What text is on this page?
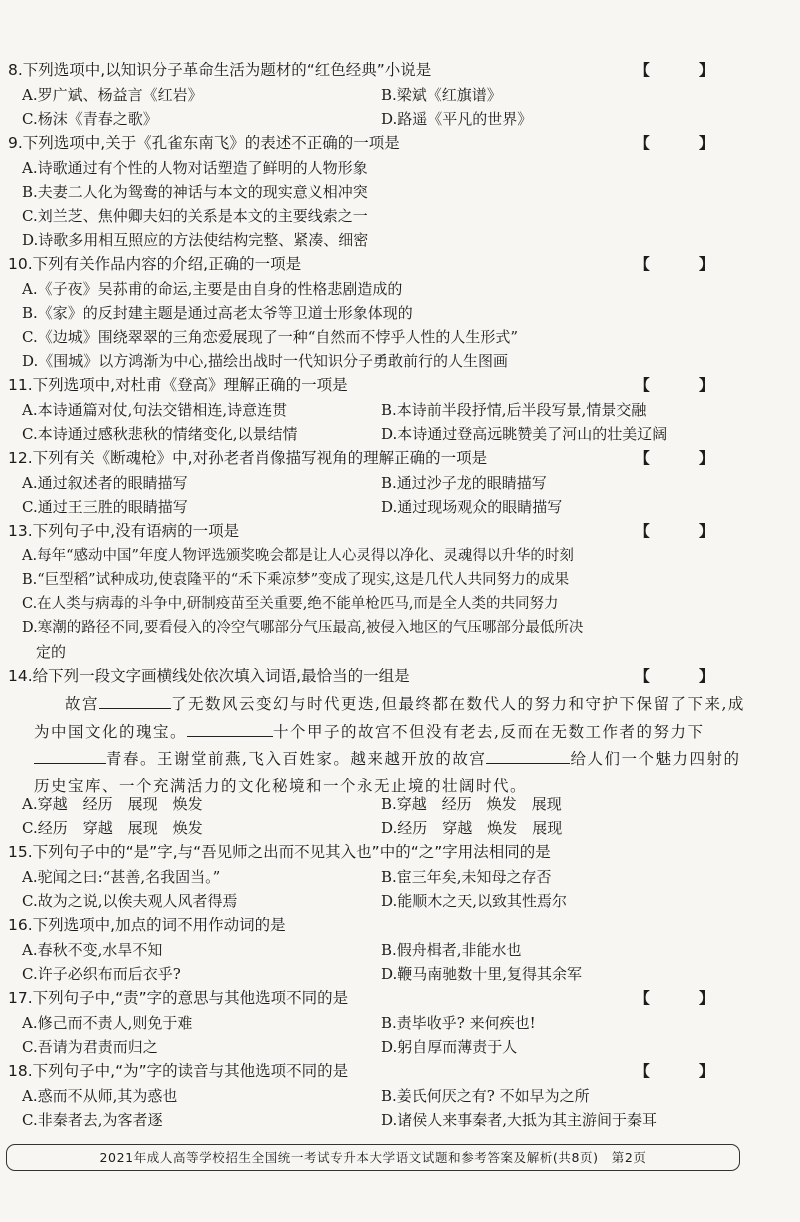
8.下列选项中,以知识分子革命生活为题材的“红色经典”小说是	【 】
A.罗广斌、杨益言《红岩》	B.梁斌《红旗谱》
C.杨沫《青春之歌》	D.路遥《平凡的世界》
9.下列选项中,关于《孔雀东南飞》的表述不正确的一项是	【 】
A.诗歌通过有个性的人物对话塑造了鲜明的人物形象
B.夫妻二人化为鸳鸯的神话与本文的现实意义相冲突
C.刘兰芝、焦仲卿夫妇的关系是本文的主要线索之一
D.诗歌多用相互照应的方法使结构完整、紧凑、细密
10.下列有关作品内容的介绍,正确的一项是	【 】
A.《子夜》吴荪甫的命运,主要是由自身的性格悲剧造成的
B.《家》的反封建主题是通过高老太爷等卫道士形象体现的
C.《边城》围绕翠翠的三角恋爱展现了一种“自然而不悖乎人性的人生形式”
D.《围城》以方鸿渐为中心,描绘出战时一代知识分子勇敢前行的人生图画
11.下列选项中,对杜甫《登高》理解正确的一项是	【 】
A.本诗通篇对仗,句法交错相连,诗意连贯	B.本诗前半段抒情,后半段写景,情景交融
C.本诗通过感秋悲秋的情绪变化,以景结情	D.本诗通过登高远眺赞美了河山的壮美辽阔
12.下列有关《断魂枪》中,对孙老者肖像描写视角的理解正确的一项是	【 】
A.通过叙述者的眼睛描写	B.通过沙子龙的眼睛描写
C.通过王三胜的眼睛描写	D.通过现场观众的眼睛描写
13.下列句子中,没有语病的一项是	【 】
A.每年“感动中国”年度人物评选颁奖晚会都是让人心灵得以净化、灵魂得以升华的时刻
B.“巨型稻”试种成功,使袁隆平的“禾下乘凉梦”变成了现实,这是几代人共同努力的成果
C.在人类与病毒的斗争中,研制疫苗至关重要,绝不能单枪匹马,而是全人类的共同努力
D.寒潮的路径不同,要看侵入的冷空气哪部分气压最高,被侵入地区的气压哪部分最低所决
定的
14.给下列一段文字画横线处依次填入词语,最恰当的一组是	【 】
故宫	了无数风云变幻与时代更迭,但最终都在数代人的努力和守护下保留了下来,成为中国文化的瑰宝。	十个甲子的故宫不但没有老去,反而在无数工作者的努力下青春。王谢堂前燕,飞入百姓家。越来越开放的故宫	给人们一个魅力四射的历史宝库、一个充满活力的文化秘境和一个永无止境的壮阔时代。
A.穿越　经历　展现　焕发	B.穿越　经历　焕发　展现
C.经历　穿越　展现　焕发	D.经历　穿越　焕发　展现
15.下列句子中的“是”字,与“吾见师之出而不见其入也”中的“之”字用法相同的是
A.驼闻之曰:“甚善,名我固当。”	B.宦三年矣,未知母之存否
C.故为之说,以俟夫观人风者得焉	D.能顺木之天,以致其性焉尔
16.下列选项中,加点的词不用作动词的是
A.春秋不变,水旱不知	B.假舟楫者,非能水也
C.许子必织布而后衣乎?	D.鞭马南驰数十里,复得其余军
17.下列句子中,“责”字的意思与其他选项不同的是	【 】
A.修己而不责人,则免于难	B.责毕收乎? 来何疾也!
C.吾请为君责而归之	D.躬自厚而薄责于人
18.下列句子中,“为”字的读音与其他选项不同的是	【 】
A.惑而不从师,其为惑也	B.姜氏何厌之有? 不如早为之所
C.非秦者去,为客者逐	D.诸侯人来事秦者,大抵为其主游间于秦耳
2021年成人高等学校招生全国统一考试专升本大学语文试题和参考答案及解析(共8页)　第2页
